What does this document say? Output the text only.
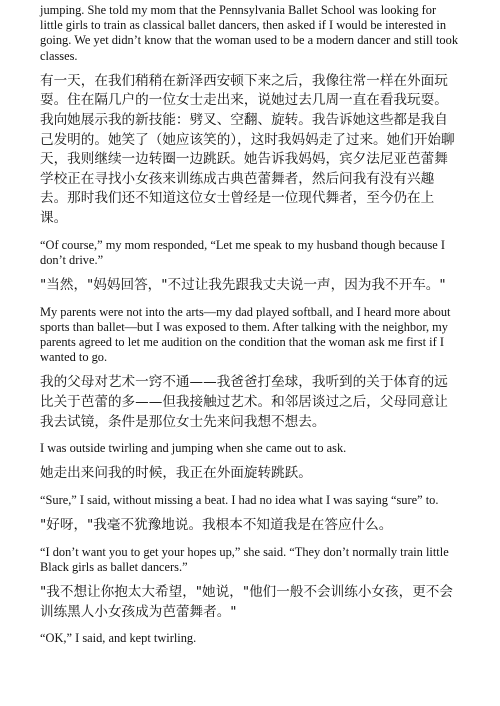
jumping. She told my mom that the Pennsylvania Ballet School was looking for little girls to train as classical ballet dancers, then asked if I would be interested in going. We yet didn’t know that the woman used to be a modern dancer and still took classes.

有一天，在我们稍稍在新泽西安顿下来之后，我像往常一样在外面玩耍。住在隔几户的一位女士走出来，说她过去几周一直在看我玩耍。我向她展示我的新技能：劈叉、空翻、旋转。我告诉她这些都是我自己发明的。她笑了（她应该笑的），这时我妈妈走了过来。她们开始聊天，我则继续一边转圈一边跳跃。她告诉我妈妈，宾夕法尼亚芭蕾舞学校正在寻找小女孩来训练成古典芭蕾舞者，然后问我有没有兴趣去。那时我们还不知道这位女士曾经是一位现代舞者，至今仍在上课。

“Of course,” my mom responded, “Let me speak to my husband though because I don’t drive.”

"当然，"妈妈回答，"不过让我先跟我丈夫说一声，因为我不开车。"

My parents were not into the arts—my dad played softball, and I heard more about sports than ballet—but I was exposed to them. After talking with the neighbor, my parents agreed to let me audition on the condition that the woman ask me first if I wanted to go.

我的父母对艺术一窍不通——我爸爸打垒球，我听到的关于体育的远比关于芭蕾的多——但我接触过艺术。和邻居谈过之后，父母同意让我去试镜，条件是那位女士先来问我想不想去。

I was outside twirling and jumping when she came out to ask.

她走出来问我的时候，我正在外面旋转跳跃。

“Sure,” I said, without missing a beat. I had no idea what I was saying “sure” to.

"好呀，"我毫不犹豫地说。我根本不知道我是在答应什么。

“I don’t want you to get your hopes up,” she said. “They don’t normally train little Black girls as ballet dancers.”

"我不想让你抱太大希望，"她说，"他们一般不会训练小女孩，更不会训练黑人小女孩成为芭蕾舞者。"

“OK,” I said, and kept twirling.
